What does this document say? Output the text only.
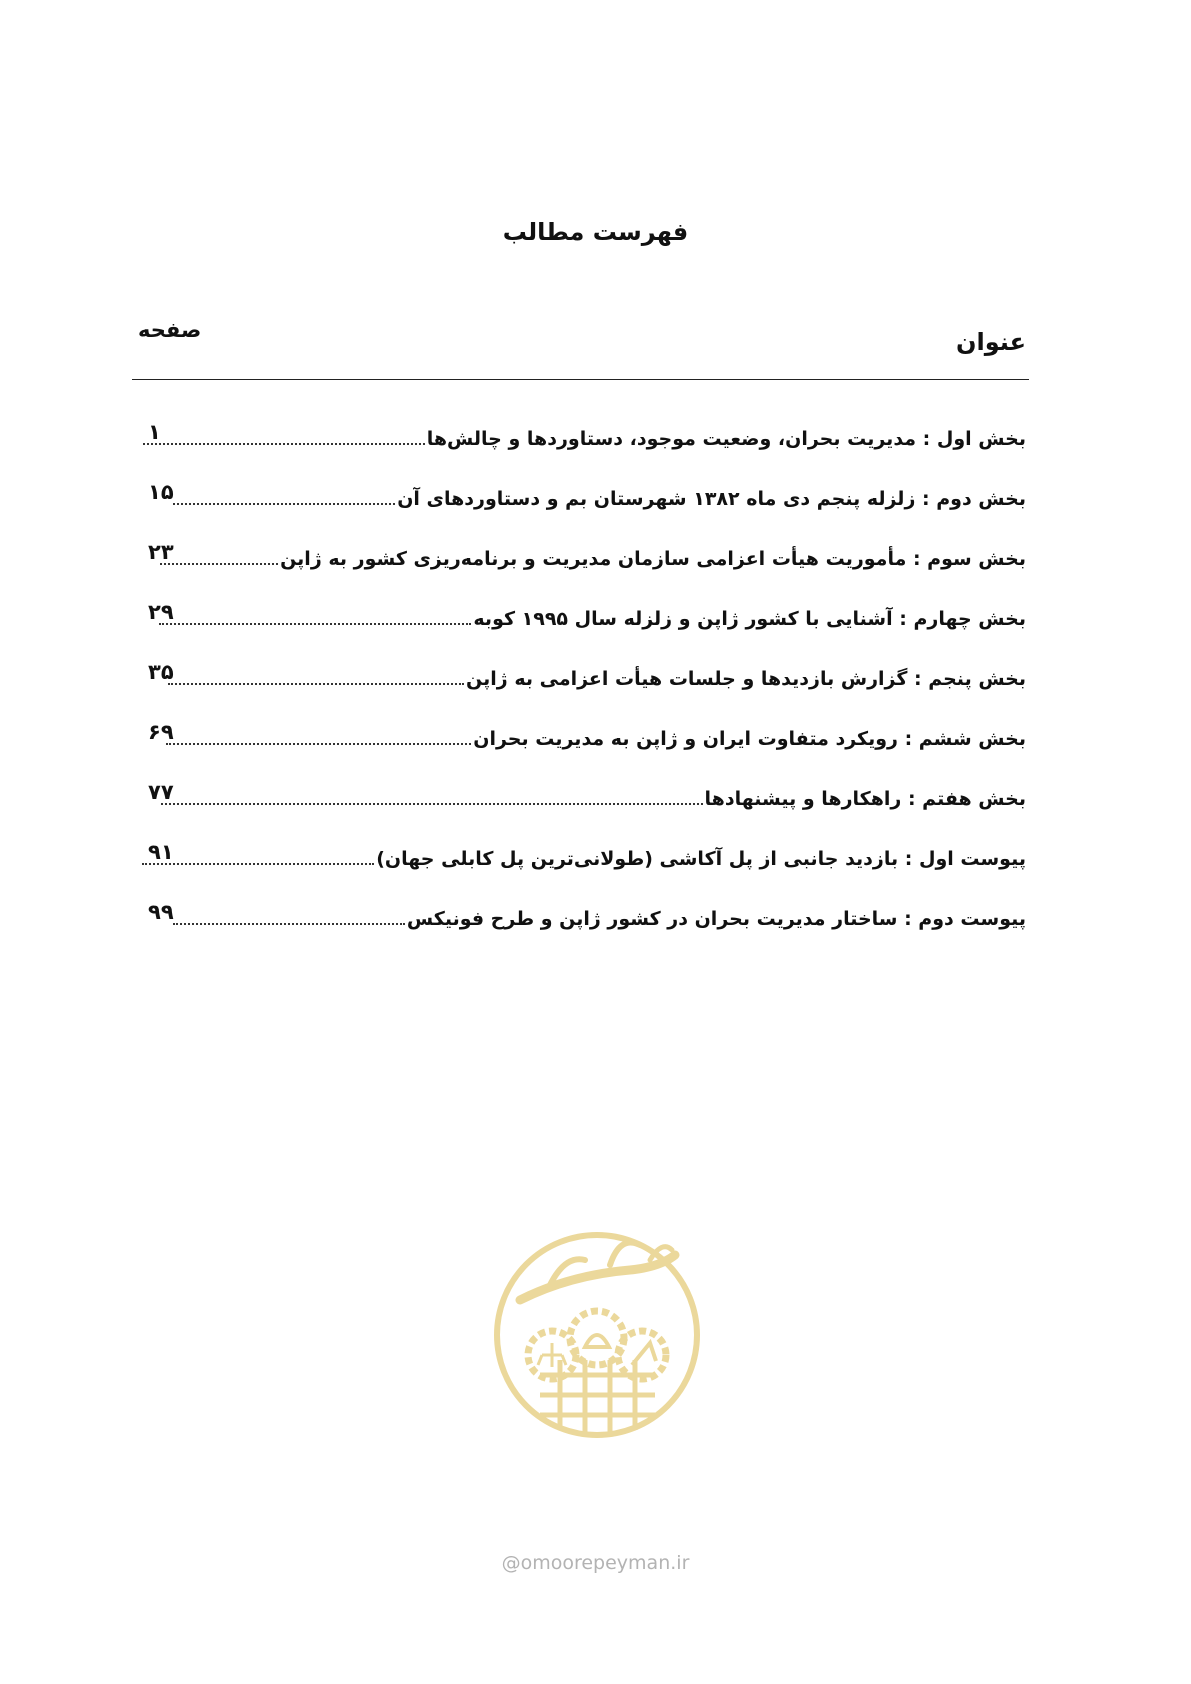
فهرست مطالب
عنوان
صفحه
بخش اول : مدیریت بحران، وضعیت موجود، دستاوردها و چالش‌ها
۱
بخش دوم : زلزله پنجم دی ماه ۱۳۸۲ شهرستان بم و دستاوردهای آن
۱۵
بخش سوم : مأموریت هیأت اعزامی سازمان مدیریت و برنامه‌ریزی کشور به ژاپن
۲۳
بخش چهارم : آشنایی با کشور ژاپن و زلزله سال ۱۹۹۵ کوبه
۲۹
بخش پنجم : گزارش بازدیدها و جلسات هیأت اعزامی به ژاپن
۳۵
بخش ششم : رویکرد متفاوت ایران و ژاپن به مدیریت بحران
۶۹
بخش هفتم : راهکارها و پیشنهادها
۷۷
پیوست اول : بازدید جانبی از پل آکاشی (طولانی‌ترین پل کابلی جهان)
۹۱
پیوست دوم : ساختار مدیریت بحران در کشور ژاپن و طرح فونیکس
۹۹
@omoorepeyman.ir
